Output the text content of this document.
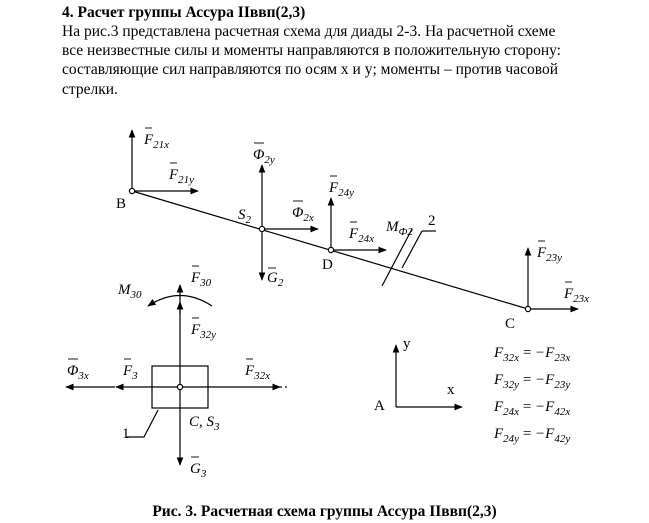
4. Расчет группы Ассура IIввп(2,3)
На рис.3 представлена расчетная схема для диады 2-3. На расчетной схеме
все неизвестные силы и моменты направляются в положительную сторону:
составляющие сил направляются по осям x и y; моменты – против часовой
стрелки.
B
$S_2$
D
C
A
2
1
$F_{21x}$
$F_{21y}$
$\Phi_{2y}$
$\Phi_{2x}$
$G_2$
$F_{24y}$
$F_{24x}$
$M_{Ф2}$
$F_{23y}$
$F_{23x}$
$M_{30}$
$F_{30}$
$F_{32y}$
$\Phi_{3x}$ $F_3$	$F_{32x}$
$G_3$
C, $S_3$
y
x
$F_{32x} = -F_{23x}$
$F_{32y} = -F_{23y}$
$F_{24x} = -F_{42x}$
$F_{24y} = -F_{42y}$
Рис. 3. Расчетная схема группы Ассура IIввп(2,3)
